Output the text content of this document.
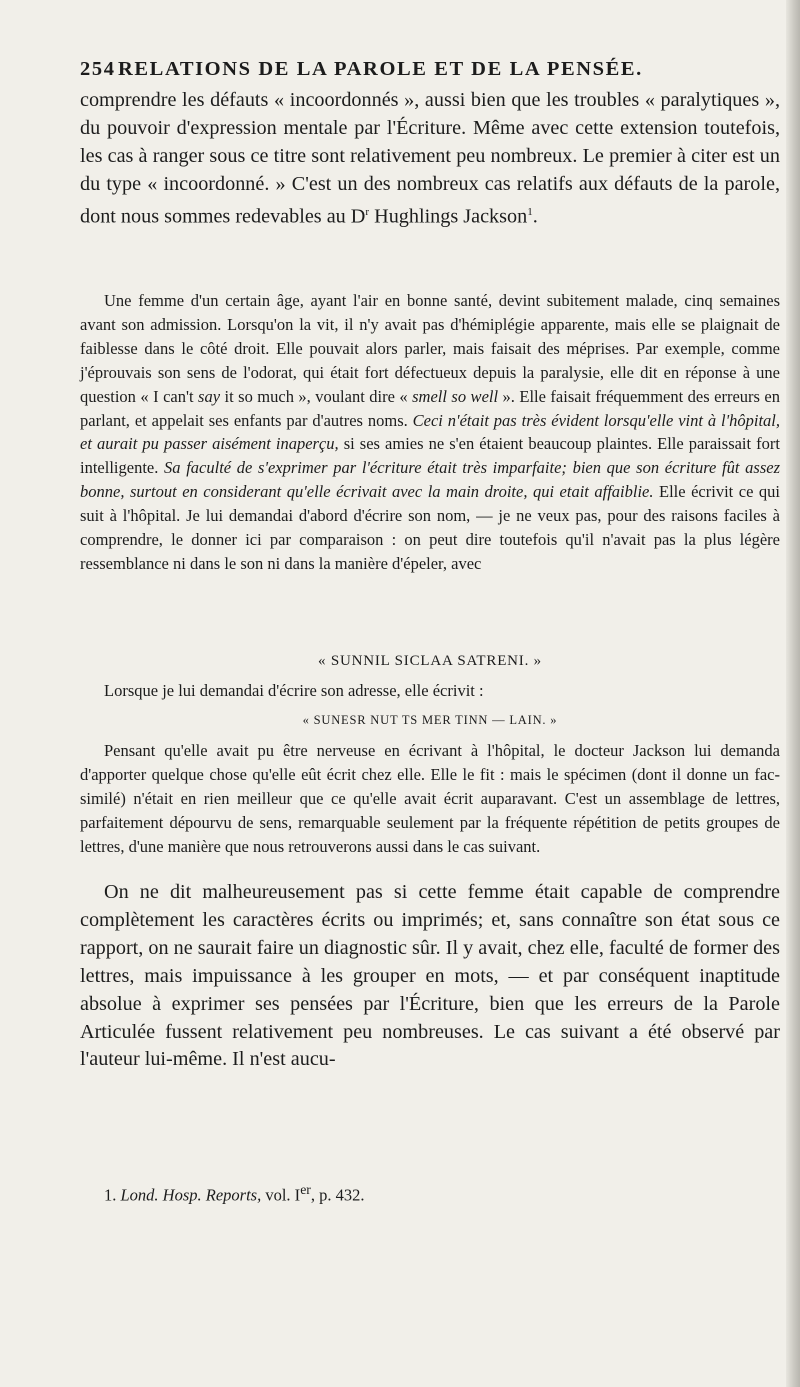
254 RELATIONS DE LA PAROLE ET DE LA PENSÉE.

comprendre les défauts « incoordonnés », aussi bien que les troubles « paralytiques », du pouvoir d'expression mentale par l'Écriture. Même avec cette extension toutefois, les cas à ranger sous ce titre sont relativement peu nombreux. Le premier à citer est un du type « incoordonné. » C'est un des nombreux cas relatifs aux défauts de la parole, dont nous sommes redevables au $D^r$ Hughlings Jackson$^1$.

Une femme d'un certain âge, ayant l'air en bonne santé, devint subitement malade, cinq semaines avant son admission. Lorsqu'on la vit, il n'y avait pas d'hémiplégie apparente, mais elle se plaignait de faiblesse dans le côté droit. Elle pouvait alors parler, mais faisait des méprises. Par exemple, comme j'éprouvais son sens de l'odorat, qui était fort défectueux depuis la paralysie, elle dit en réponse à une question « I can't say it so much », voulant dire « smell so well ». Elle faisait fréquemment des erreurs en parlant, et appelait ses enfants par d'autres noms. Ceci n'était pas très évident lorsqu'elle vint à l'hôpital, et aurait pu passer aisément inaperçu, si ses amies ne s'en étaient beaucoup plaintes. Elle paraissait fort intelligente. Sa faculté de s'exprimer par l'écriture était très imparfaite; bien que son écriture fût assez bonne, surtout en considerant qu'elle écrivait avec la main droite, qui etait affaiblie. Elle écrivit ce qui suit à l'hôpital. Je lui demandai d'abord d'écrire son nom, — je ne veux pas, pour des raisons faciles à comprendre, le donner ici par comparaison : on peut dire toutefois qu'il n'avait pas la plus légère ressemblance ni dans le son ni dans la manière d'épeler, avec

« SUNNIL SICLAA SATRENI. »

Lorsque je lui demandai d'écrire son adresse, elle écrivit :

« SUNESR NUT TS MER TINN — LAIN. »

Pensant qu'elle avait pu être nerveuse en écrivant à l'hôpital, le docteur Jackson lui demanda d'apporter quelque chose qu'elle eût écrit chez elle. Elle le fit : mais le spécimen (dont il donne un fac-similé) n'était en rien meilleur que ce qu'elle avait écrit auparavant. C'est un assemblage de lettres, parfaitement dépourvu de sens, remarquable seulement par la fréquente répétition de petits groupes de lettres, d'une manière que nous retrouverons aussi dans le cas suivant.

On ne dit malheureusement pas si cette femme était capable de comprendre complètement les caractères écrits ou imprimés; et, sans connaître son état sous ce rapport, on ne saurait faire un diagnostic sûr. Il y avait, chez elle, faculté de former des lettres, mais impuissance à les grouper en mots, — et par conséquent inaptitude absolue à exprimer ses pensées par l'Écriture, bien que les erreurs de la Parole Articulée fussent relativement peu nombreuses. Le cas suivant a été observé par l'auteur lui-même. Il n'est aucu-

1. Lond. Hosp. Reports, vol. Ier, p. 432.
